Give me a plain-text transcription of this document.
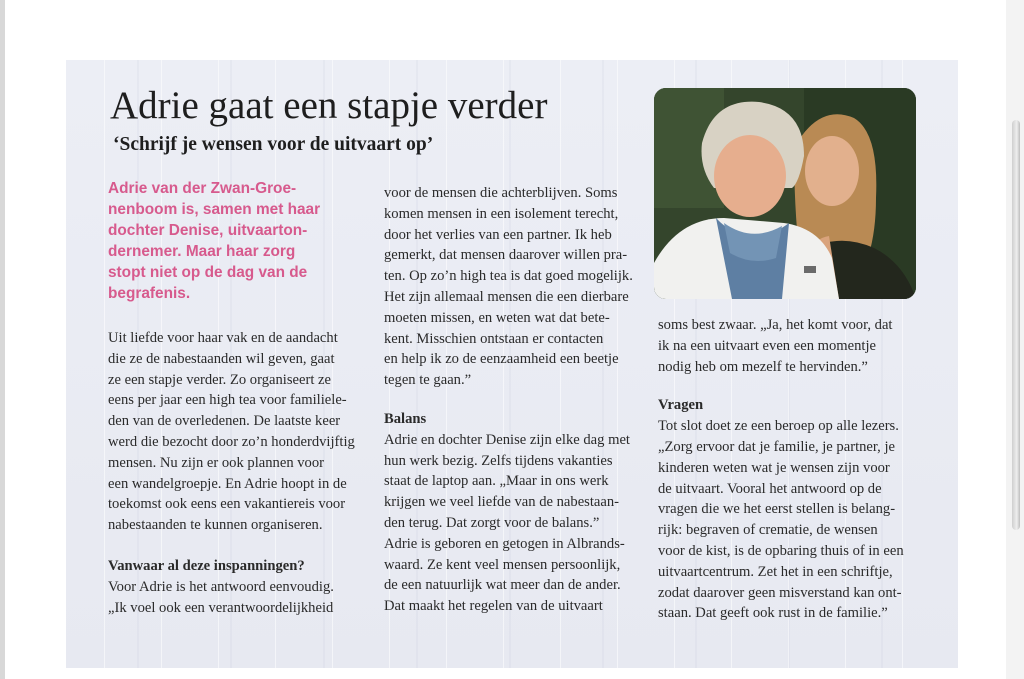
Adrie gaat een stapje verder
‘Schrijf je wensen voor de uitvaart op’

Adrie van der Zwan-Groe-

nenboom is, samen met haar

dochter Denise, uitvaarton-

dernemer. Maar haar zorg

stopt niet op de dag van de

begrafenis.

Uit liefde voor haar vak en de aandacht

die ze de nabestaanden wil geven, gaat

ze een stapje verder. Zo organiseert ze

eens per jaar een high tea voor familiele-

den van de overledenen. De laatste keer

werd die bezocht door zo’n honderdvijftig

mensen. Nu zijn er ook plannen voor

een wandelgroepje. En Adrie hoopt in de

toekomst ook eens een vakantiereis voor

nabestaanden te kunnen organiseren.

Vanwaar al deze inspanningen?

Voor Adrie is het antwoord eenvoudig.

„Ik voel ook een verantwoordelijkheid

voor de mensen die achterblijven. Soms

komen mensen in een isolement terecht,

door het verlies van een partner. Ik heb

gemerkt, dat mensen daarover willen pra-

ten. Op zo’n high tea is dat goed mogelijk.

Het zijn allemaal mensen die een dierbare

moeten missen, en weten wat dat bete-

kent. Misschien ontstaan er contacten

en help ik zo de eenzaamheid een beetje

tegen te gaan.”

Balans

Adrie en dochter Denise zijn elke dag met

hun werk bezig. Zelfs tijdens vakanties

staat de laptop aan. „Maar in ons werk

krijgen we veel liefde van de nabestaan-

den terug. Dat zorgt voor de balans.”

Adrie is geboren en getogen in Albrands-

waard. Ze kent veel mensen persoonlijk,

de een natuurlijk wat meer dan de ander.

Dat maakt het regelen van de uitvaart

soms best zwaar. „Ja, het komt voor, dat

ik na een uitvaart even een momentje

nodig heb om mezelf te hervinden.”

Vragen

Tot slot doet ze een beroep op alle lezers.

„Zorg ervoor dat je familie, je partner, je

kinderen weten wat je wensen zijn voor

de uitvaart. Vooral het antwoord op de

vragen die we het eerst stellen is belang-

rijk: begraven of crematie, de wensen

voor de kist, is de opbaring thuis of in een

uitvaartcentrum. Zet het in een schriftje,

zodat daarover geen misverstand kan ont-

staan. Dat geeft ook rust in de familie.”
